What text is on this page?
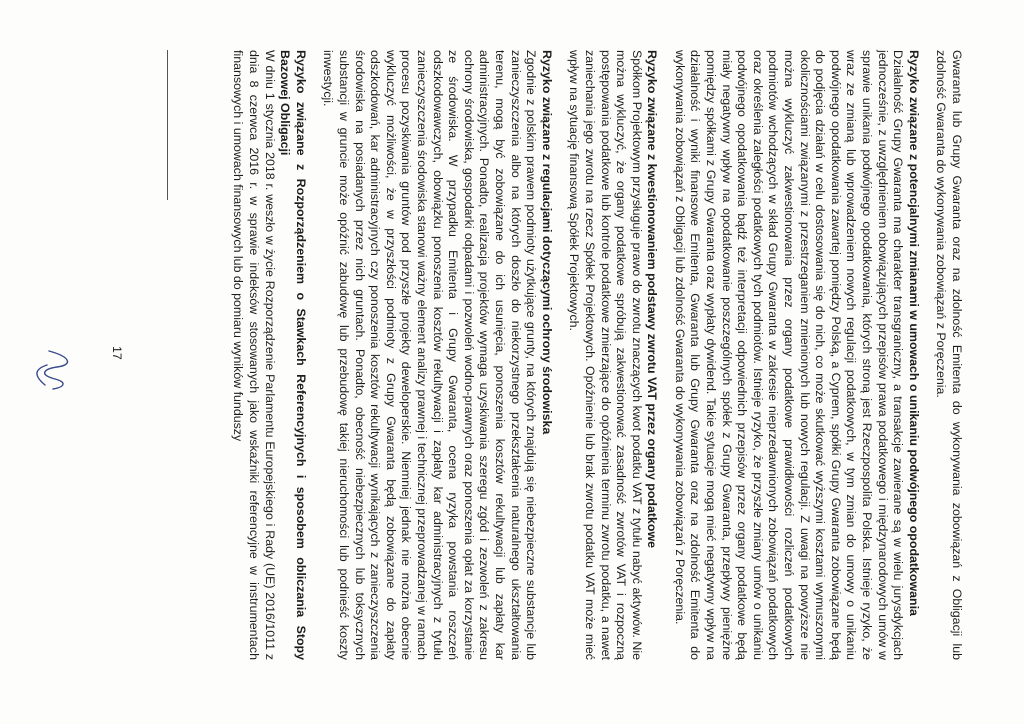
Gwaranta lub Grupy Gwaranta oraz na zdolność Emitenta do wykonywania zobowiązań z Obligacji lub zdolność Gwaranta do wykonywania zobowiązań z Poręczenia.

Ryzyko związane z potencjalnymi zmianami w umowach o unikaniu podwójnego opodatkowania

Działalność Grupy Gwaranta ma charakter transgraniczny, a transakcje zawierane są w wielu jurysdykcjach jednocześnie, z uwzględnieniem obowiązujących przepisów prawa podatkowego i międzynarodowych umów w sprawie unikania podwójnego opodatkowania, których stroną jest Rzeczpospolita Polska. Istnieje ryzyko, że wraz ze zmianą lub wprowadzeniem nowych regulacji podatkowych, w tym zmian do umowy o unikaniu podwójnego opodatkowania zawartej pomiędzy Polską, a Cyprem, spółki Grupy Gwaranta zobowiązane będą do podjęcia działań w celu dostosowania się do nich, co może skutkować wyższymi kosztami wymuszonymi okolicznościami związanymi z przestrzeganiem zmienionych lub nowych regulacji. Z uwagi na powyższe nie można wykluczyć zakwestionowania przez organy podatkowe prawidłowości rozliczeń podatkowych podmiotów wchodzących w skład Grupy Gwaranta w zakresie nieprzedawnionych zobowiązań podatkowych oraz określenia zaległości podatkowych tych podmiotów. Istnieje ryzyko, że przyszłe zmiany umów o unikaniu podwójnego opodatkowania bądź też interpretacji odpowiednich przepisów przez organy podatkowe będą miały negatywny wpływ na opodatkowanie poszczególnych spółek z Grupy Gwaranta, przepływy pieniężne pomiędzy spółkami z Grupy Gwaranta oraz wypłaty dywidend. Takie sytuacje mogą mieć negatywny wpływ na działalność i wyniki finansowe Emitenta, Gwaranta lub Grupy Gwaranta oraz na zdolność Emitenta do wykonywania zobowiązań z Obligacji lub zdolność Gwaranta do wykonywania zobowiązań z Poręczenia.

Ryzyko związane z kwestionowaniem podstawy zwrotu VAT przez organy podatkowe

Spółkom Projektowym przysługuje prawo do zwrotu znaczących kwot podatku VAT z tytułu nabyć aktywów. Nie można wykluczyć, że organy podatkowe spróbują zakwestionować zasadność zwrotów VAT i rozpoczną postępowania podatkowe lub kontrole podatkowe zmierzające do opóźnienia terminu zwrotu podatku, a nawet zaniechania jego zwrotu na rzecz Spółek Projektowych. Opóźnienie lub brak zwrotu podatku VAT może mieć wpływ na sytuację finansową Spółek Projektowych.

Ryzyko związane z regulacjami dotyczącymi ochrony środowiska

Zgodnie z polskim prawem podmioty użytkujące grunty, na których znajdują się niebezpieczne substancje lub zanieczyszczenia albo na których doszło do niekorzystnego przekształcenia naturalnego ukształtowania terenu, mogą być zobowiązane do ich usunięcia, ponoszenia kosztów rekultywacji lub zapłaty kar administracyjnych. Ponadto, realizacja projektów wymaga uzyskiwania szeregu zgód i zezwoleń z zakresu ochrony środowiska, gospodarki odpadami i pozwoleń wodno-prawnych oraz ponoszenia opłat za korzystanie ze środowiska. W przypadku Emitenta i Grupy Gwaranta, ocena ryzyka powstania roszczeń odszkodowawczych, obowiązku ponoszenia kosztów rekultywacji i zapłaty kar administracyjnych z tytułu zanieczyszczenia środowiska stanowi ważny element analizy prawnej i technicznej przeprowadzanej w ramach procesu pozyskiwania gruntów pod przyszłe projekty deweloperskie. Niemniej jednak nie można obecnie wykluczyć możliwości, że w przyszłości podmioty z Grupy Gwaranta będą zobowiązane do zapłaty odszkodowań, kar administracyjnych czy ponoszenia kosztów rekultywacji wynikających z zanieczyszczenia środowiska na posiadanych przez nich gruntach. Ponadto, obecność niebezpiecznych lub toksycznych substancji w gruncie może opóźnić zabudowę lub przebudowę takiej nieruchomości lub podnieść koszty inwestycji.

Ryzyko związane z Rozporządzeniem o Stawkach Referencyjnych i sposobem obliczania Stopy Bazowej Obligacji

W dniu 1 stycznia 2018 r. weszło w życie Rozporządzenie Parlamentu Europejskiego i Rady (UE) 2016/1011 z dnia 8 czerwca 2016 r. w sprawie indeksów stosowanych jako wskaźniki referencyjne w instrumentach finansowych i umowach finansowych lub do pomiaru wyników funduszy

17
